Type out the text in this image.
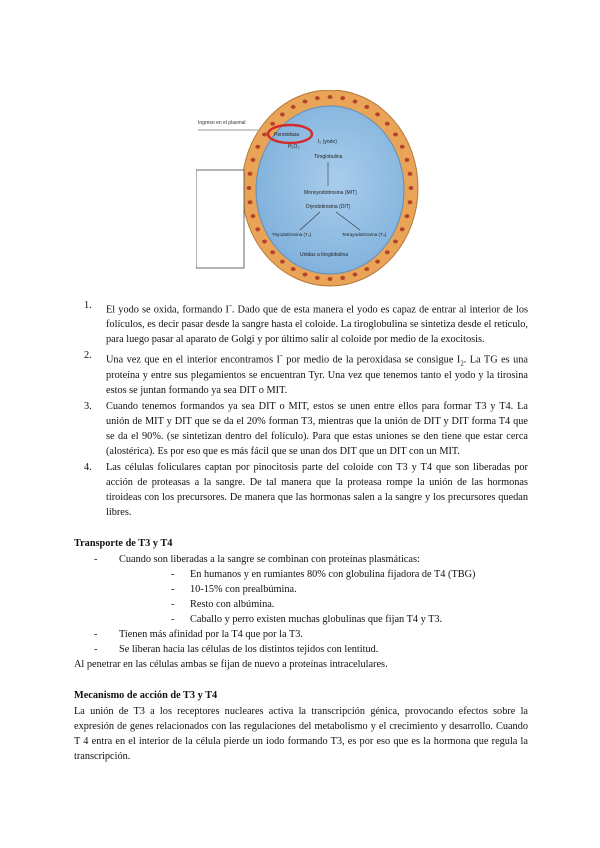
Ingreso en el plasmal
Peroxidasa
H₂O₂
I₂ (yodo)
Tiroglobulina
Monoyodotirosina (MIT)
Diyodotirosina (DIT)
Triyodotironina (T₃)	Tetrayodotironina (T₄)
Unidas a tiroglobulina
1. El yodo se oxida, formando I-. Dado que de esta manera el yodo es capaz de entrar al interior de los folículos, es decir pasar desde la sangre hasta el coloide. La tiroglobulina se sintetiza desde el retículo, para luego pasar al aparato de Golgi y por último salir al coloide por medio de la exocitosis.
2. Una vez que en el interior encontramos I- por medio de la peroxidasa se consigue $I_2$. La TG es una proteína y entre sus plegamientos se encuentran Tyr. Una vez que tenemos tanto el yodo y la tirosina estos se juntan formando ya sea DIT o MIT.
3. Cuando tenemos formandos ya sea DIT o MIT, estos se unen entre ellos para formar T3 y T4. La unión de MIT y DIT que se da el 20% forman T3, mientras que la unión de DIT y DIT forma T4 que se da el 90%. (se sintetizan dentro del folículo). Para que estas uniones se den tiene que estar cerca (alostérica). Es por eso que es más fácil que se unan dos DIT que un DIT con un MIT.
4. Las células foliculares captan por pinocitosis parte del coloide con T3 y T4 que son liberadas por acción de proteasas a la sangre. De tal manera que la proteasa rompe la unión de las hormonas tiroideas con los precursores. De manera que las hormonas salen a la sangre y los precursores quedan libres.
Transporte de T3 y T4
- Cuando son liberadas a la sangre se combinan con proteínas plasmáticas:
- En humanos y en rumiantes 80% con globulina fijadora de T4 (TBG)
- 10-15% con prealbúmina.
- Resto con albúmina.
- Caballo y perro existen muchas globulinas que fijan T4 y T3.
- Tienen más afinidad por la T4 que por la T3.
- Se liberan hacia las células de los distintos tejidos con lentitud.
Al penetrar en las células ambas se fijan de nuevo a proteínas intracelulares.
Mecanismo de acción de T3 y T4
La unión de T3 a los receptores nucleares activa la transcripción génica, provocando efectos sobre la expresión de genes relacionados con las regulaciones del metabolismo y el crecimiento y desarrollo. Cuando T 4 entra en el interior de la célula pierde un iodo formando T3, es por eso que es la hormona que regula la transcripción.
